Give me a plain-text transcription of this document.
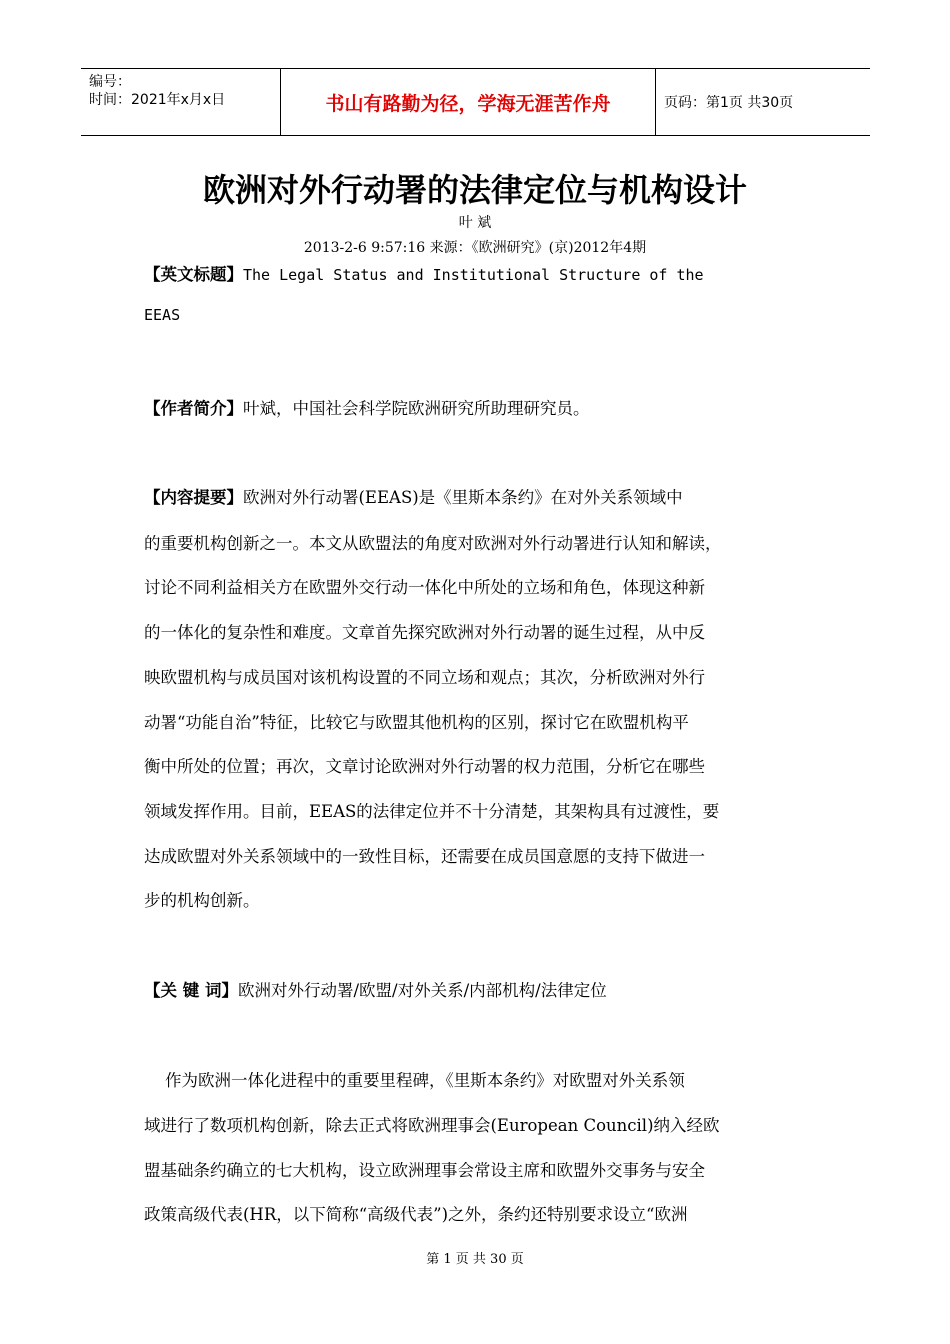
编号：
时间：2021年x月x日	书山有路勤为径，学海无涯苦作舟	页码：第1页 共30页
欧洲对外行动署的法律定位与机构设计
叶 斌
2013-2-6 9:57:16 来源：《欧洲研究》(京)2012年4期
【英文标题】The Legal Status and Institutional Structure of the
EEAS
【作者简介】叶斌，中国社会科学院欧洲研究所助理研究员。
【内容提要】欧洲对外行动署(EEAS)是《里斯本条约》在对外关系领域中
的重要机构创新之一。本文从欧盟法的角度对欧洲对外行动署进行认知和解读，
讨论不同利益相关方在欧盟外交行动一体化中所处的立场和角色，体现这种新
的一体化的复杂性和难度。文章首先探究欧洲对外行动署的诞生过程，从中反
映欧盟机构与成员国对该机构设置的不同立场和观点；其次，分析欧洲对外行
动署“功能自治”特征，比较它与欧盟其他机构的区别，探讨它在欧盟机构平
衡中所处的位置；再次，文章讨论欧洲对外行动署的权力范围，分析它在哪些
领域发挥作用。目前，EEAS的法律定位并不十分清楚，其架构具有过渡性，要
达成欧盟对外关系领域中的一致性目标，还需要在成员国意愿的支持下做进一
步的机构创新。
【关 键 词】欧洲对外行动署/欧盟/对外关系/内部机构/法律定位
作为欧洲一体化进程中的重要里程碑，《里斯本条约》对欧盟对外关系领
域进行了数项机构创新，除去正式将欧洲理事会(European Council)纳入经欧
盟基础条约确立的七大机构，设立欧洲理事会常设主席和欧盟外交事务与安全
政策高级代表(HR，以下简称“高级代表”)之外，条约还特别要求设立“欧洲
第 1 页 共 30 页
